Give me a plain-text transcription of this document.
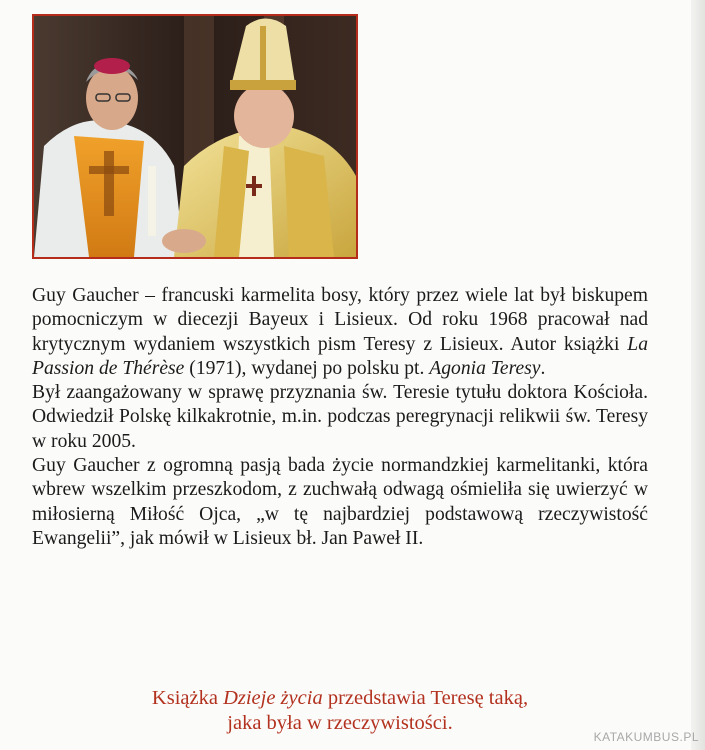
Guy Gaucher – francuski karmelita bosy, który przez wiele lat był biskupem pomocniczym w diecezji Bayeux i Lisieux. Od roku 1968 pracował nad krytycznym wydaniem wszystkich pism Teresy z Lisieux. Autor książki La Passion de Thérèse (1971), wydanej po polsku pt. Agonia Teresy.

Był zaangażowany w sprawę przyznania św. Teresie tytułu doktora Kościoła. Odwiedził Polskę kilkakrotnie, m.in. podczas peregrynacji relikwii św. Teresy w roku 2005.

Guy Gaucher z ogromną pasją bada życie normandzkiej karmelitanki, która wbrew wszelkim przeszkodom, z zuchwałą odwagą ośmieliła się uwierzyć w miłosierną Miłość Ojca, „w tę najbardziej podstawową rzeczywistość Ewangelii”, jak mówił w Lisieux bł. Jan Paweł II.

Książka Dzieje życia przedstawia Teresę taką,
jaka była w rzeczywistości.
KATAKUMBUS.PL
